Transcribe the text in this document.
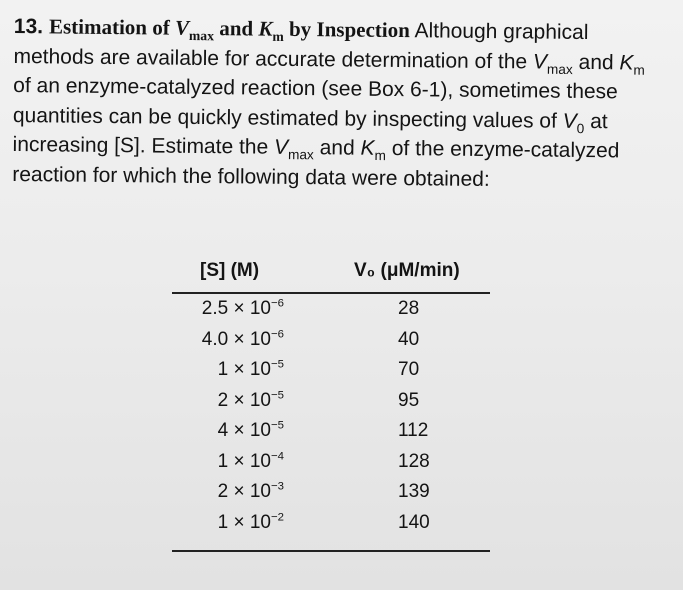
13. Estimation of $V_{max}$ and $K_m$ by Inspection Although graphical methods are available for accurate determination of the $V_{max}$ and $K_m$ of an enzyme-catalyzed reaction (see Box 6-1), sometimes these quantities can be quickly estimated by inspecting values of $V_0$ at increasing [S]. Estimate the $V_{max}$ and $K_m$ of the enzyme-catalyzed reaction for which the following data were obtained:
[S] (M)	V₀ (μM/min)
$2.5 \times 10^{-6}$	28
$4.0 \times 10^{-6}$	40
$1 \times 10^{-5}$	70
$2 \times 10^{-5}$	95
$4 \times 10^{-5}$	112
$1 \times 10^{-4}$	128
$2 \times 10^{-3}$	139
$1 \times 10^{-2}$	140
